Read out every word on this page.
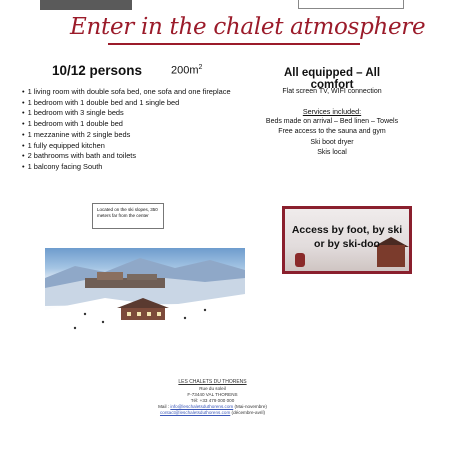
Enter in the chalet atmosphere
10/12 persons	$200m^2$
• 1 living room with double sofa bed, one sofa and one fireplace
• 1 bedroom with 1 double bed and 1 single bed
• 1 bedroom with 3 single beds
• 1 bedroom with 1 double bed
• 1 mezzanine with 2 single beds
• 1 fully equipped kitchen
• 2 bathrooms with bath and toilets
• 1 balcony facing South
All equipped – All comfort
Flat screen TV, WIFI connection
Services included:
Beds made on arrival – Bed linen – Towels
Free access to the sauna and gym
Ski boot dryer
Skis local
Located on the ski slopes, 350 meters far from the center
Access by foot, by ski or by ski-doo
LES CHALETS DU THORENS
Rue du soleil
F-73440 VAL THORENS
Tél: +33 479 000 000
Mail : info@leschaletsduthorens.com (Mai-novembre)
contact@leschaletsduthorens.com (décembre-avril)
